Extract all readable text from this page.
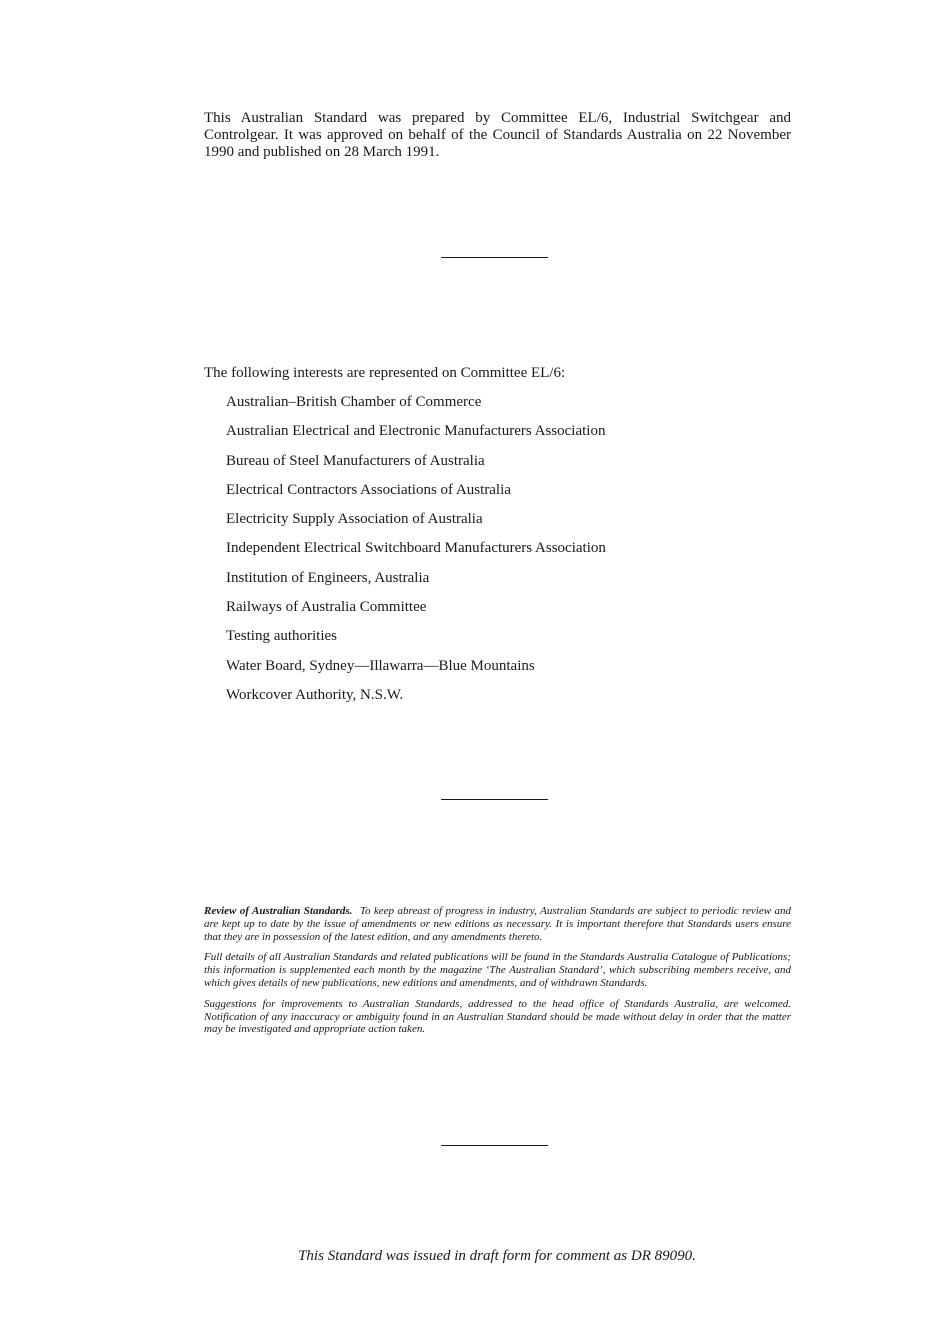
This Australian Standard was prepared by Committee EL/6, Industrial Switchgear and Controlgear. It was approved on behalf of the Council of Standards Australia on 22 November 1990 and published on 28 March 1991.

The following interests are represented on Committee EL/6:

Australian–British Chamber of Commerce
Australian Electrical and Electronic Manufacturers Association
Bureau of Steel Manufacturers of Australia
Electrical Contractors Associations of Australia
Electricity Supply Association of Australia
Independent Electrical Switchboard Manufacturers Association
Institution of Engineers, Australia
Railways of Australia Committee
Testing authorities
Water Board, Sydney—Illawarra—Blue Mountains
Workcover Authority, N.S.W.

Review of Australian Standards. To keep abreast of progress in industry, Australian Standards are subject to periodic review and are kept up to date by the issue of amendments or new editions as necessary. It is important therefore that Standards users ensure that they are in possession of the latest edition, and any amendments thereto.

Full details of all Australian Standards and related publications will be found in the Standards Australia Catalogue of Publications; this information is supplemented each month by the magazine ‘The Australian Standard’, which subscribing members receive, and which gives details of new publications, new editions and amendments, and of withdrawn Standards.

Suggestions for improvements to Australian Standards, addressed to the head office of Standards Australia, are welcomed. Notification of any inaccuracy or ambiguity found in an Australian Standard should be made without delay in order that the matter may be investigated and appropriate action taken.

This Standard was issued in draft form for comment as DR 89090.
